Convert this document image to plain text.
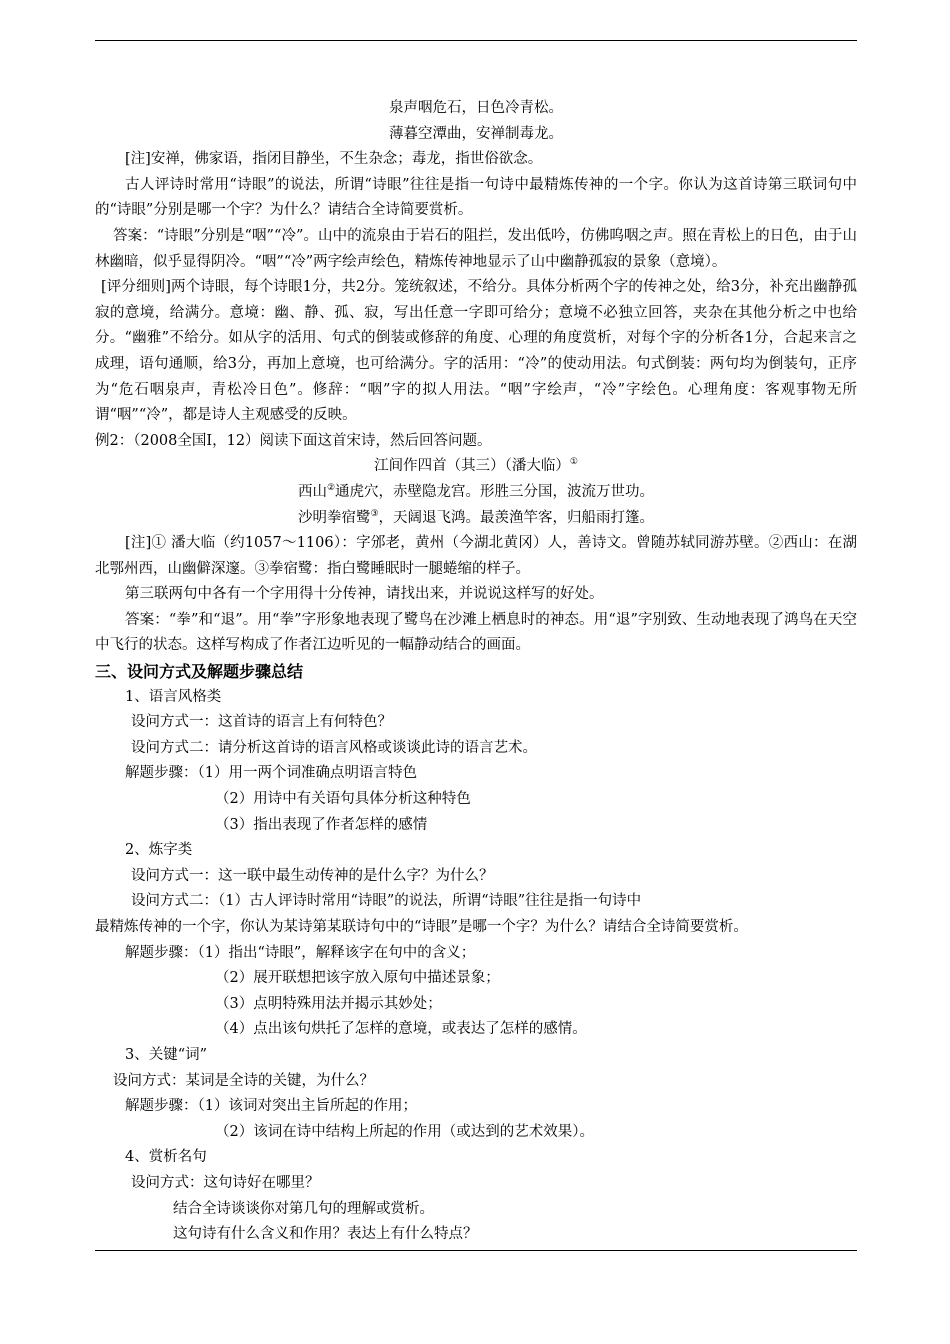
泉声咽危石，日色冷青松。
薄暮空潭曲，安禅制毒龙。
[注]安禅，佛家语，指闭目静坐，不生杂念；毒龙，指世俗欲念。
古人评诗时常用“诗眼”的说法，所谓“诗眼”往往是指一句诗中最精炼传神的一个字。你认为这首诗第三联词句中的“诗眼”分别是哪一个字？为什么？请结合全诗简要赏析。
答案：“诗眼”分别是“咽”“冷”。山中的流泉由于岩石的阻拦，发出低吟，仿佛呜咽之声。照在青松上的日色，由于山林幽暗，似乎显得阴冷。“咽”“冷”两字绘声绘色，精炼传神地显示了山中幽静孤寂的景象（意境）。
[评分细则]两个诗眼，每个诗眼1分，共2分。笼统叙述，不给分。具体分析两个字的传神之处，给3分，补充出幽静孤寂的意境，给满分。意境：幽、静、孤、寂，写出任意一字即可给分；意境不必独立回答，夹杂在其他分析之中也给分。“幽雅”不给分。如从字的活用、句式的倒装或修辞的角度、心理的角度赏析，对每个字的分析各1分，合起来言之成理，语句通顺，给3分，再加上意境，也可给满分。字的活用：“冷”的使动用法。句式倒装：两句均为倒装句，正序为“危石咽泉声，青松冷日色”。修辞：“咽”字的拟人用法。“咽”字绘声，“冷”字绘色。心理角度：客观事物无所谓“咽”“冷”，都是诗人主观感受的反映。
例2：（2008全国Ⅰ，12）阅读下面这首宋诗，然后回答问题。
江间作四首（其三）（潘大临）①
西山②通虎穴，赤壁隐龙宫。形胜三分国，波流万世功。
沙明拳宿鹭③，天阔退飞鸿。最羡渔竿客，归船雨打篷。
[注]① 潘大临（约1057～1106）：字邠老，黄州（今湖北黄冈）人，善诗文。曾随苏轼同游苏壁。②西山：在湖北鄂州西，山幽僻深邃。③拳宿鹭：指白鹭睡眠时一腿蜷缩的样子。
第三联两句中各有一个字用得十分传神，请找出来，并说说这样写的好处。
答案：“拳”和“退”。用“拳”字形象地表现了鹭鸟在沙滩上栖息时的神态。用“退”字别致、生动地表现了鸿鸟在天空中飞行的状态。这样写构成了作者江边听见的一幅静动结合的画面。
三、设问方式及解题步骤总结
1、语言风格类
设问方式一：这首诗的语言上有何特色？
设问方式二：请分析这首诗的语言风格或谈谈此诗的语言艺术。
解题步骤：（1）用一两个词准确点明语言特色
（2）用诗中有关语句具体分析这种特色
（3）指出表现了作者怎样的感情
2、炼字类
设问方式一：这一联中最生动传神的是什么字？为什么？
设问方式二：（1）古人评诗时常用“诗眼”的说法，所谓“诗眼”往往是指一句诗中
最精炼传神的一个字，你认为某诗第某联诗句中的“诗眼”是哪一个字？为什么？请结合全诗简要赏析。
解题步骤：（1）指出“诗眼”，解释该字在句中的含义；
（2）展开联想把该字放入原句中描述景象；
（3）点明特殊用法并揭示其妙处；
（4）点出该句烘托了怎样的意境，或表达了怎样的感情。
3、关键“词”
设问方式：某词是全诗的关键，为什么？
解题步骤：（1）该词对突出主旨所起的作用；
（2）该词在诗中结构上所起的作用（或达到的艺术效果）。
4、赏析名句
设问方式：这句诗好在哪里？
结合全诗谈谈你对第几句的理解或赏析。
这句诗有什么含义和作用？表达上有什么特点？
